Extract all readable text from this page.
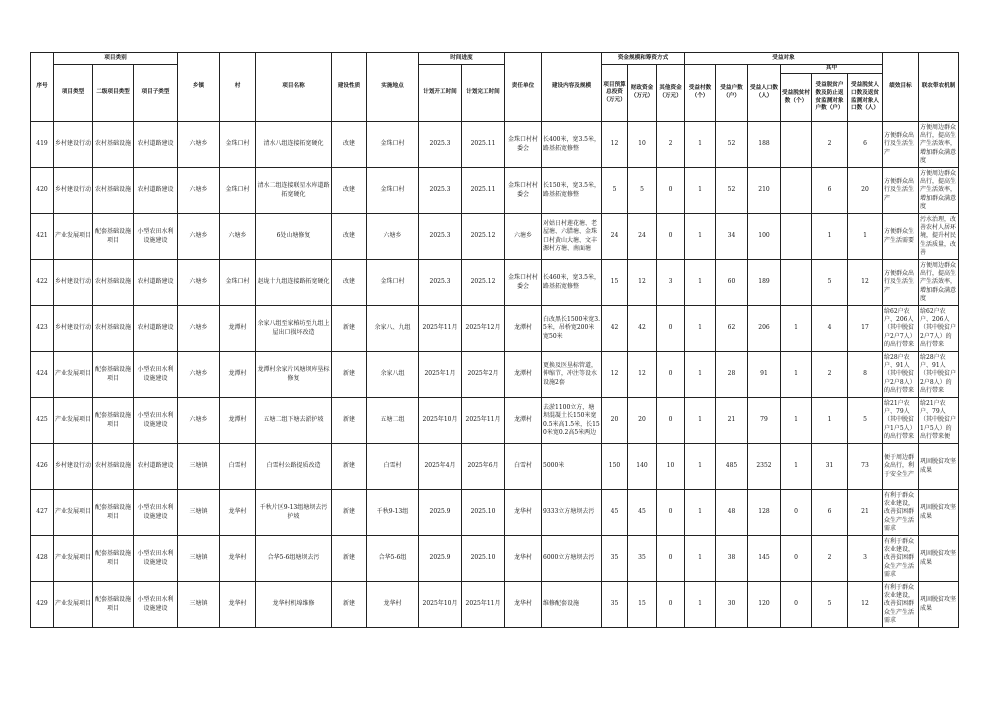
序号	项目类别			乡镇	村	项目名称	建设性质	实施地点	时间进度		责任单位	建设内容及规模	资金规模和筹资方式			受益对象						绩效目标	联农带农机制
	项目类型	二级项目类型	项目子类型						计划开工时间	计划完工时间			项目预算总投资（万元）	财政资金（万元）	其他资金（万元）	受益村数（个）	受益户数（户）	受益人口数（人）	其中				
																			受益脱贫村数（个）	受益脱贫户数及防止返贫监测对象户数（户）	受益脱贫人口数及返贫监测对象人口数（人）		
419	乡村建设行动	农村基础设施	农村道路建设	六塘乡	金珠口村	清水八组连接拓宽硬化	改建	金珠口村	2025.3	2025.11	金珠口村村委会	长400米，宽3.5米，路基拓宽修整	12	10	2	1	52	188		2	6	方便群众出行及生活生产	方便周边群众出行，提高生产生活效率，增加群众满意度
420	乡村建设行动	农村基础设施	农村道路建设	六塘乡	金珠口村	清水二组连接联星水库道路拓宽硬化	改建	金珠口村	2025.3	2025.11	金珠口村村委会	长150米，宽3.5米，路基拓宽修整	5	5	0	1	52	210		6	20	方便群众出行及生活生产	方便周边群众出行，提高生产生活效率，增加群众满意度
421	产业发展项目	配套基础设施项目	小型农田水利设施建设	六塘乡	六塘乡	6处山塘修复	改建	六塘乡	2025.3	2025.12	六塘乡	对姑日村莲花塘、老屋塘、六腊塘、金珠口村黄山大塘、文丰源村方塘、南面塘	24	24	0	1	34	100		1	1	方便群众生产生活需要	污水治理，改善农村人居环境，提升村民生活质量，改善
422	乡村建设行动	农村基础设施	农村道路建设	六塘乡	金珠口村	赵垅十九组连接路拓宽硬化	改建	金珠口村	2025.3	2025.12	金珠口村村委会	长460米，宽3.5米，路基拓宽修整	15	12	3	1	60	189		5	12	方便群众出行及生活生产	方便周边群众出行，提高生产生活效率，增加群众满意度
423	乡村建设行动	农村基础设施	农村道路建设	六塘乡	龙潭村	余家八组至家椿坊至九组上屋出口损坏改造	新建	余家八、九组	2025年11月	2025年12月	龙潭村	白改黑长1500米宽3.5米，吊桥宽200米宽50米	42	42	0	1	62	206	1	4	17	给62户农户、206人（其中脱贫户2户7人）的出行带来	给62户农户、206人（其中脱贫户2户7人）的出行带来
424	产业发展项目	配套基础设施项目	小型农田水利设施建设	六塘乡	龙潭村	龙潭村余家片风塘坝库垦标修复	新建	余家八组	2025年1月	2025年2月	龙潭村	更换及医垦标管道，伸缩节，冲注等设水设施2套	12	12	0	1	28	91	1	2	8	给28户农户、91人（其中脱贫户2户8人）的出行带来	给28户农户、91人（其中脱贫户2户8人）的出行带来
425	产业发展项目	配套基础设施项目	小型农田水利设施建设	六塘乡	龙潭村	五塘二组下塘去淤护坡	新建	五塘二组	2025年10月	2025年11月	龙潭村	去淤1100立方，塘坝混凝土长150米宽0.5米高1.5米，长150米宽0.2高5米两边	20	20	0	1	21	79	1	1	5	给21户农户、79人（其中脱贫户1户5人）的出行带来	给21户农户、79人（其中脱贫户1户5人）的出行带来便
426	乡村建设行动	农村基础设施	农村道路建设	三塘镇	白雪村	白雪村公路提质改造	新建	白雪村	2025年4月	2025年6月	白雪村	5000米	150	140	10	1	485	2352	1	31	73	便于周边群众出行，利于安全生产	巩固脱贫攻坚成果
427	产业发展项目	配套基础设施项目	小型农田水利设施建设	三塘镇	龙华村	千秋片区9-13组塘坝去污护坡	新建	千秋9-13组	2025.9	2025.10	龙华村	9333立方塘坝去污	45	45	0	1	48	128	0	6	21	有利于群众农业建设，改善贫困群众生产生活需求	巩固脱贫攻坚成果
428	产业发展项目	配套基础设施项目	小型农田水利设施建设	三塘镇	龙华村	合华5-6组塘坝去污	新建	合华5-6组	2025.9	2025.10	龙华村	6000立方塘坝去污	35	35	0	1	38	145	0	2	3	有利于群众农业建设，改善贫困群众生产生活需求	巩固脱贫攻坚成果
429	产业发展项目	配套基础设施项目	小型农田水利设施建设	三塘镇	龙华村	龙华村机埠维修	新建	龙华村	2025年10月	2025年11月	龙华村	维修配套设施	35	15	0	1	30	120	0	5	12	有利于群众农业建设，改善贫困群众生产生活需求	巩固脱贫攻坚成果
